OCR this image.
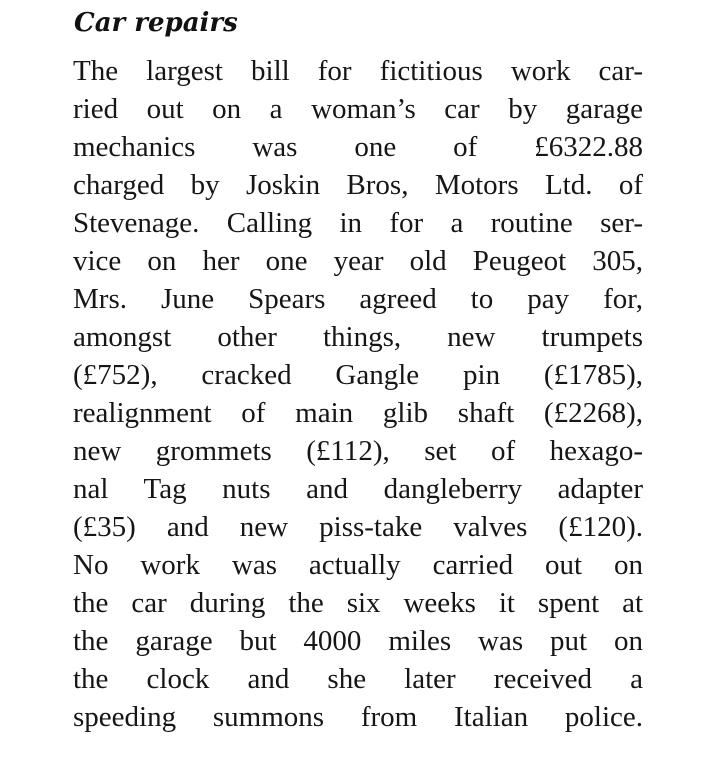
Car repairs
The largest bill for fictitious work car-
ried out on a woman’s car by garage
mechanics was one of £6322.88
charged by Joskin Bros, Motors Ltd. of
Stevenage. Calling in for a routine ser-
vice on her one year old Peugeot 305,
Mrs. June Spears agreed to pay for,
amongst other things, new trumpets
(£752), cracked Gangle pin (£1785),
realignment of main glib shaft (£2268),
new grommets (£112), set of hexago-
nal Tag nuts and dangleberry adapter
(£35) and new piss-take valves (£120).
No work was actually carried out on
the car during the six weeks it spent at
the garage but 4000 miles was put on
the clock and she later received a
speeding summons from Italian police.
